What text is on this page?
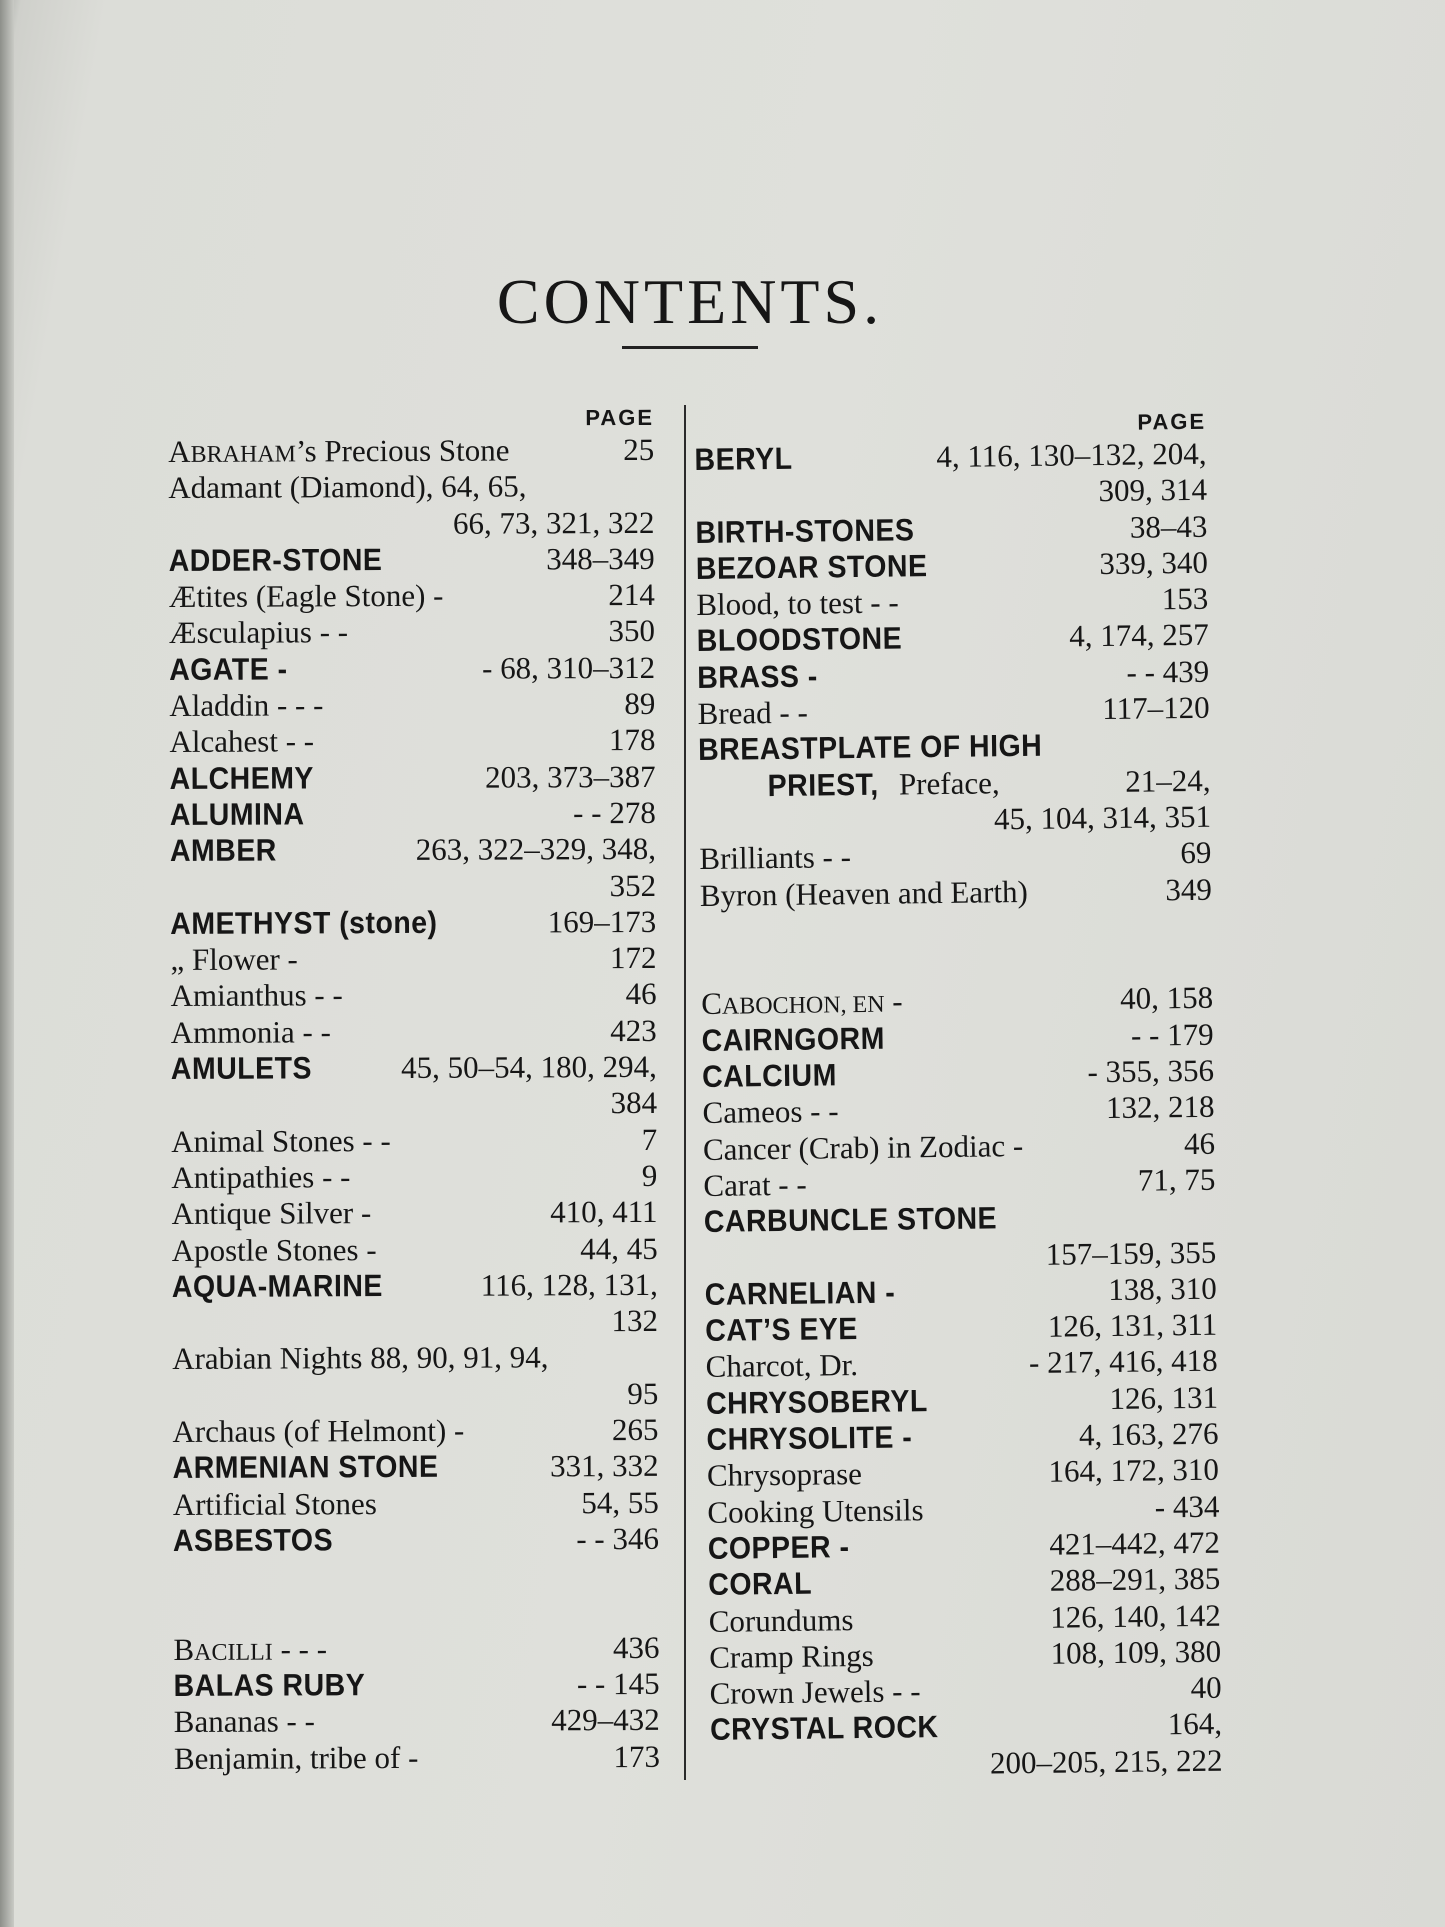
CONTENTS.
PAGE
ABRAHAM’s Precious Stone	25
Adamant (Diamond), 64, 65,
66, 73, 321, 322
ADDER-STONE	348–349
Ætites (Eagle Stone) -	214
Æsculapius - -	350
AGATE -	- 68, 310–312
Aladdin - - -	89
Alcahest - -	178
ALCHEMY	203, 373–387
ALUMINA	- - 278
AMBER	263, 322–329, 348,
352
AMETHYST (stone)	169–173
„ Flower -	172
Amianthus - -	46
Ammonia - -	423
AMULETS	45, 50–54, 180, 294,
384
Animal Stones - -	7
Antipathies - -	9
Antique Silver -	410, 411
Apostle Stones -	44, 45
AQUA-MARINE	116, 128, 131,
132
Arabian Nights 88, 90, 91, 94,
95
Archaus (of Helmont) -	265
ARMENIAN STONE	331, 332
Artificial Stones	54, 55
ASBESTOS	- - 346
BACILLI - - -	436
BALAS RUBY	- - 145
Bananas - -	429–432
Benjamin, tribe of -	173
PAGE
BERYL	4, 116, 130–132, 204,
309, 314
BIRTH-STONES	38–43
BEZOAR STONE	339, 340
Blood, to test - -	153
BLOODSTONE	4, 174, 257
BRASS -	- - 439
Bread - -	117–120
BREASTPLATE OF HIGH
PRIEST, Preface,	21–24,
45, 104, 314, 351
Brilliants - -	69
Byron (Heaven and Earth)	349
CABOCHON, EN -	40, 158
CAIRNGORM	- - 179
CALCIUM	- 355, 356
Cameos - -	132, 218
Cancer (Crab) in Zodiac -	46
Carat - -	71, 75
CARBUNCLE STONE
157–159, 355
CARNELIAN -	138, 310
CAT’S EYE	126, 131, 311
Charcot, Dr.	- 217, 416, 418
CHRYSOBERYL	126, 131
CHRYSOLITE -	4, 163, 276
Chrysoprase	164, 172, 310
Cooking Utensils	- 434
COPPER -	421–442, 472
CORAL	288–291, 385
Corundums	126, 140, 142
Cramp Rings	108, 109, 380
Crown Jewels - -	40
CRYSTAL ROCK	164,
200–205, 215, 222
